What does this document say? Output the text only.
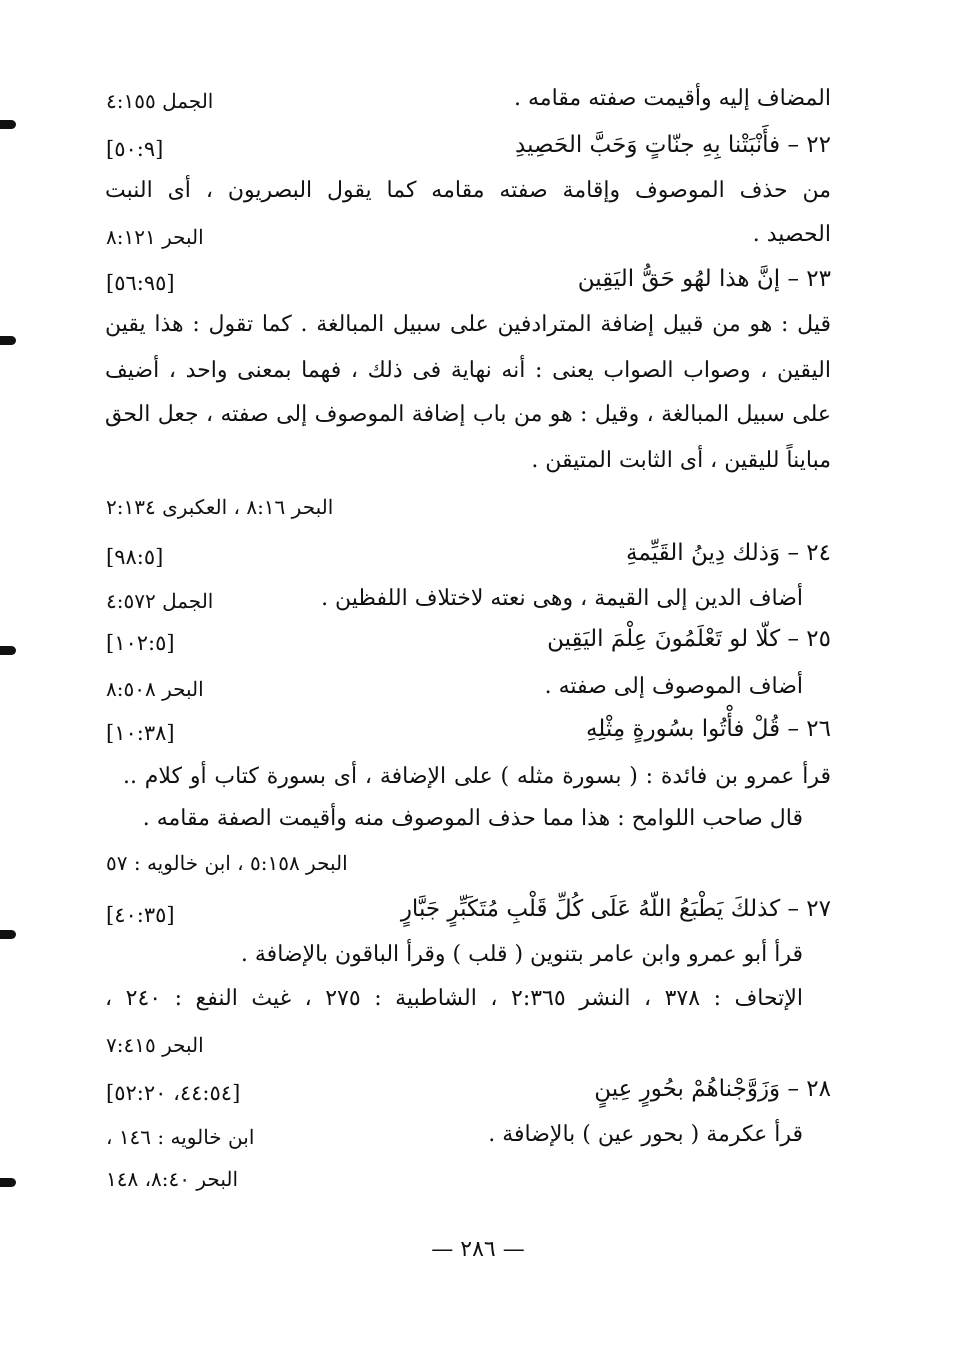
المضاف إليه وأقيمت صفته مقامه .
الجمل ٤:١٥٥
٢٢ – فأَنْبَتْنا بِهِ جنّاتٍ وَحَبَّ الحَصِيدِ
[٥٠:٩]
من حذف الموصوف وإقامة صفته مقامه كما يقول البصريون ، أى النبت
الحصيد .
البحر ٨:١٢١
٢٣ – إنَّ هذا لهُو حَقُّ اليَقِين
[٥٦:٩٥]
قيل : هو من قبيل إضافة المترادفين على سبيل المبالغة . كما تقول : هذا يقين
اليقين ، وصواب الصواب يعنى : أنه نهاية فى ذلك ، فهما بمعنى واحد ، أضيف
على سبيل المبالغة ، وقيل : هو من باب إضافة الموصوف إلى صفته ، جعل الحق
مبايناً لليقين ، أى الثابت المتيقن .
البحر ٨:١٦ ، العكبرى ٢:١٣٤
٢٤ – وَذلك دِينُ القَيِّمةِ
[٩٨:٥]
أضاف الدين إلى القيمة ، وهى نعته لاختلاف اللفظين .
الجمل ٤:٥٧٢
٢٥ – كلّا لو تَعْلَمُونَ عِلْمَ اليَقِين
[١٠٢:٥]
أضاف الموصوف إلى صفته .
البحر ٨:٥٠٨
٢٦ – قُلْ فأْتُوا بسُورةٍ مِثْلِهِ
[١٠:٣٨]
قرأ عمرو بن فائدة : ( بسورة مثله ) على الإضافة ، أى بسورة كتاب أو كلام ..
قال صاحب اللوامح : هذا مما حذف الموصوف منه وأقيمت الصفة مقامه .
البحر ٥:١٥٨ ، ابن خالويه : ٥٧
٢٧ – كذلكَ يَطْبَعُ اللّهُ عَلَى كُلِّ قَلْبِ مُتَكَبِّرٍ جَبَّارٍ
[٤٠:٣٥]
قرأ أبو عمرو وابن عامر بتنوين ( قلب ) وقرأ الباقون بالإضافة .
الإتحاف : ٣٧٨ ، النشر ٢:٣٦٥ ، الشاطبية : ٢٧٥ ، غيث النفع : ٢٤٠ ،
البحر ٧:٤١٥
٢٨ – وَزَوَّجْناهُمْ بحُورٍ عِينٍ
[٤٤:٥٤، ٥٢:٢٠]
قرأ عكرمة ( بحور عين ) بالإضافة .
ابن خالويه : ١٤٦ ،
البحر ٨:٤٠، ١٤٨
— ٢٨٦ —
